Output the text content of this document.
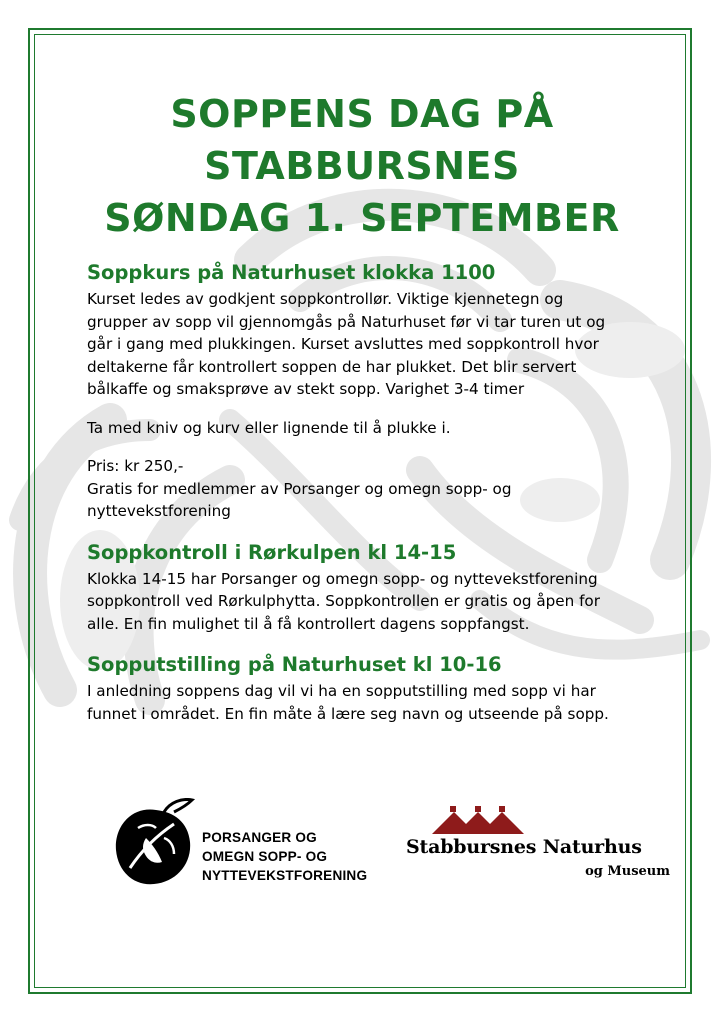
SOPPENS DAG PÅ
STABBURSNES
SØNDAG 1. SEPTEMBER
Soppkurs på Naturhuset klokka 1100
Kurset ledes av godkjent soppkontrollør. Viktige kjennetegn og
grupper av sopp vil gjennomgås på Naturhuset før vi tar turen ut og
går i gang med plukkingen. Kurset avsluttes med soppkontroll hvor
deltakerne får kontrollert soppen de har plukket. Det blir servert
bålkaffe og smaksprøve av stekt sopp. Varighet 3-4 timer
Ta med kniv og kurv eller lignende til å plukke i.
Pris: kr 250,-
Gratis for medlemmer av Porsanger og omegn sopp- og
nyttevekstforening
Soppkontroll i Rørkulpen kl 14-15
Klokka 14-15 har Porsanger og omegn sopp- og nyttevekstforening
soppkontroll ved Rørkulphytta. Soppkontrollen er gratis og åpen for
alle. En fin mulighet til å få kontrollert dagens soppfangst.
Sopputstilling på Naturhuset kl 10-16
I anledning soppens dag vil vi ha en sopputstilling med sopp vi har
funnet i området. En fin måte å lære seg navn og utseende på sopp.
PORSANGER OG
OMEGN SOPP- OG
NYTTEVEKSTFORENING
Stabbursnes Naturhus
og Museum
